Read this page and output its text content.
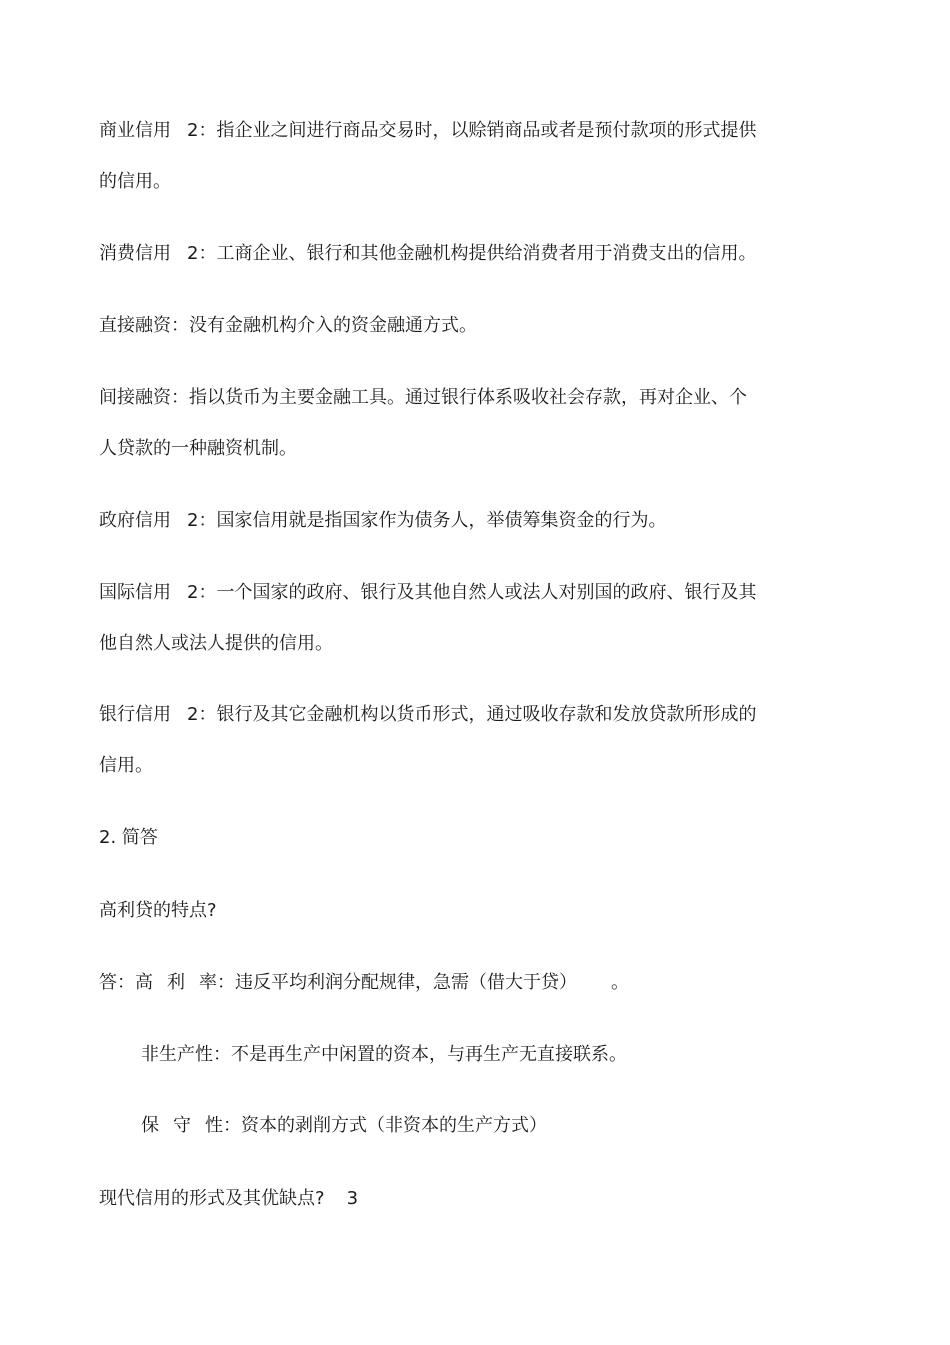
商业信用 2：指企业之间进行商品交易时，以赊销商品或者是预付款项的形式提供
的信用。
消费信用 2：工商企业、银行和其他金融机构提供给消费者用于消费支出的信用。
直接融资：没有金融机构介入的资金融通方式。
间接融资：指以货币为主要金融工具。通过银行体系吸收社会存款，再对企业、个
人贷款的一种融资机制。
政府信用 2：国家信用就是指国家作为债务人，举债筹集资金的行为。
国际信用 2：一个国家的政府、银行及其他自然人或法人对别国的政府、银行及其
他自然人或法人提供的信用。
银行信用 2：银行及其它金融机构以货币形式，通过吸收存款和发放贷款所形成的
信用。
2. 简答
高利贷的特点?
答：高 利 率：违反平均利润分配规律，急需（借大于贷） 。
非生产性：不是再生产中闲置的资本，与再生产无直接联系。
保 守 性：资本的剥削方式（非资本的生产方式）
现代信用的形式及其优缺点? 3
